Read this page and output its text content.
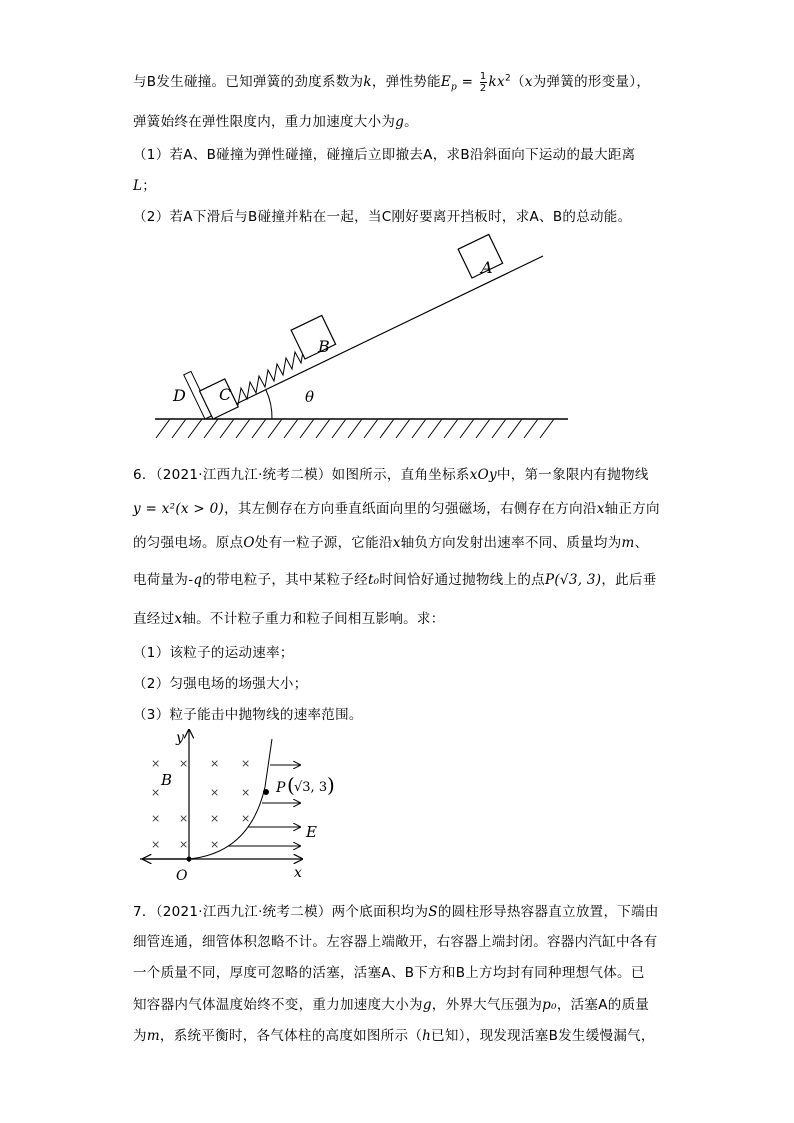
与B发生碰撞。已知弹簧的劲度系数为k，弹性势能$E_p = \frac{1}{2} kx^2(x$为弹簧的形变量），
弹簧始终在弹性限度内，重力加速度大小为g。
（1）若A、B碰撞为弹性碰撞，碰撞后立即撤去A，求B沿斜面向下运动的最大距离
L；
（2）若A下滑后与B碰撞并粘在一起，当C刚好要离开挡板时，求A、B的总动能。
A
B
C
D	θ
6．（2021·江西九江·统考二模）如图所示，直角坐标系xOy中，第一象限内有抛物线
y = x²(x > 0)，其左侧存在方向垂直纸面向里的匀强磁场，右侧存在方向沿x轴正方向
的匀强电场。原点O处有一粒子源，它能沿x轴负方向发射出速率不同、质量均为m、
电荷量为-q的带电粒子，其中某粒子经t₀时间恰好通过抛物线上的点P(√3, 3)，此后垂
直经过x轴。不计粒子重力和粒子间相互影响。求：
（1）该粒子的运动速率；
（2）匀强电场的场强大小；
（3）粒子能击中抛物线的速率范围。
× × × ×
×	× ×
× × × ×
× × ×
y
x
O
B
E
P ( √3, 3 )
7．（2021·江西九江·统考二模）两个底面积均为S的圆柱形导热容器直立放置，下端由
细管连通，细管体积忽略不计。左容器上端敞开，右容器上端封闭。容器内汽缸中各有
一个质量不同，厚度可忽略的活塞，活塞A、B下方和B上方均封有同种理想气体。已
知容器内气体温度始终不变，重力加速度大小为g，外界大气压强为p₀，活塞A的质量
为m，系统平衡时，各气体柱的高度如图所示（h已知），现发现活塞B发生缓慢漏气，
